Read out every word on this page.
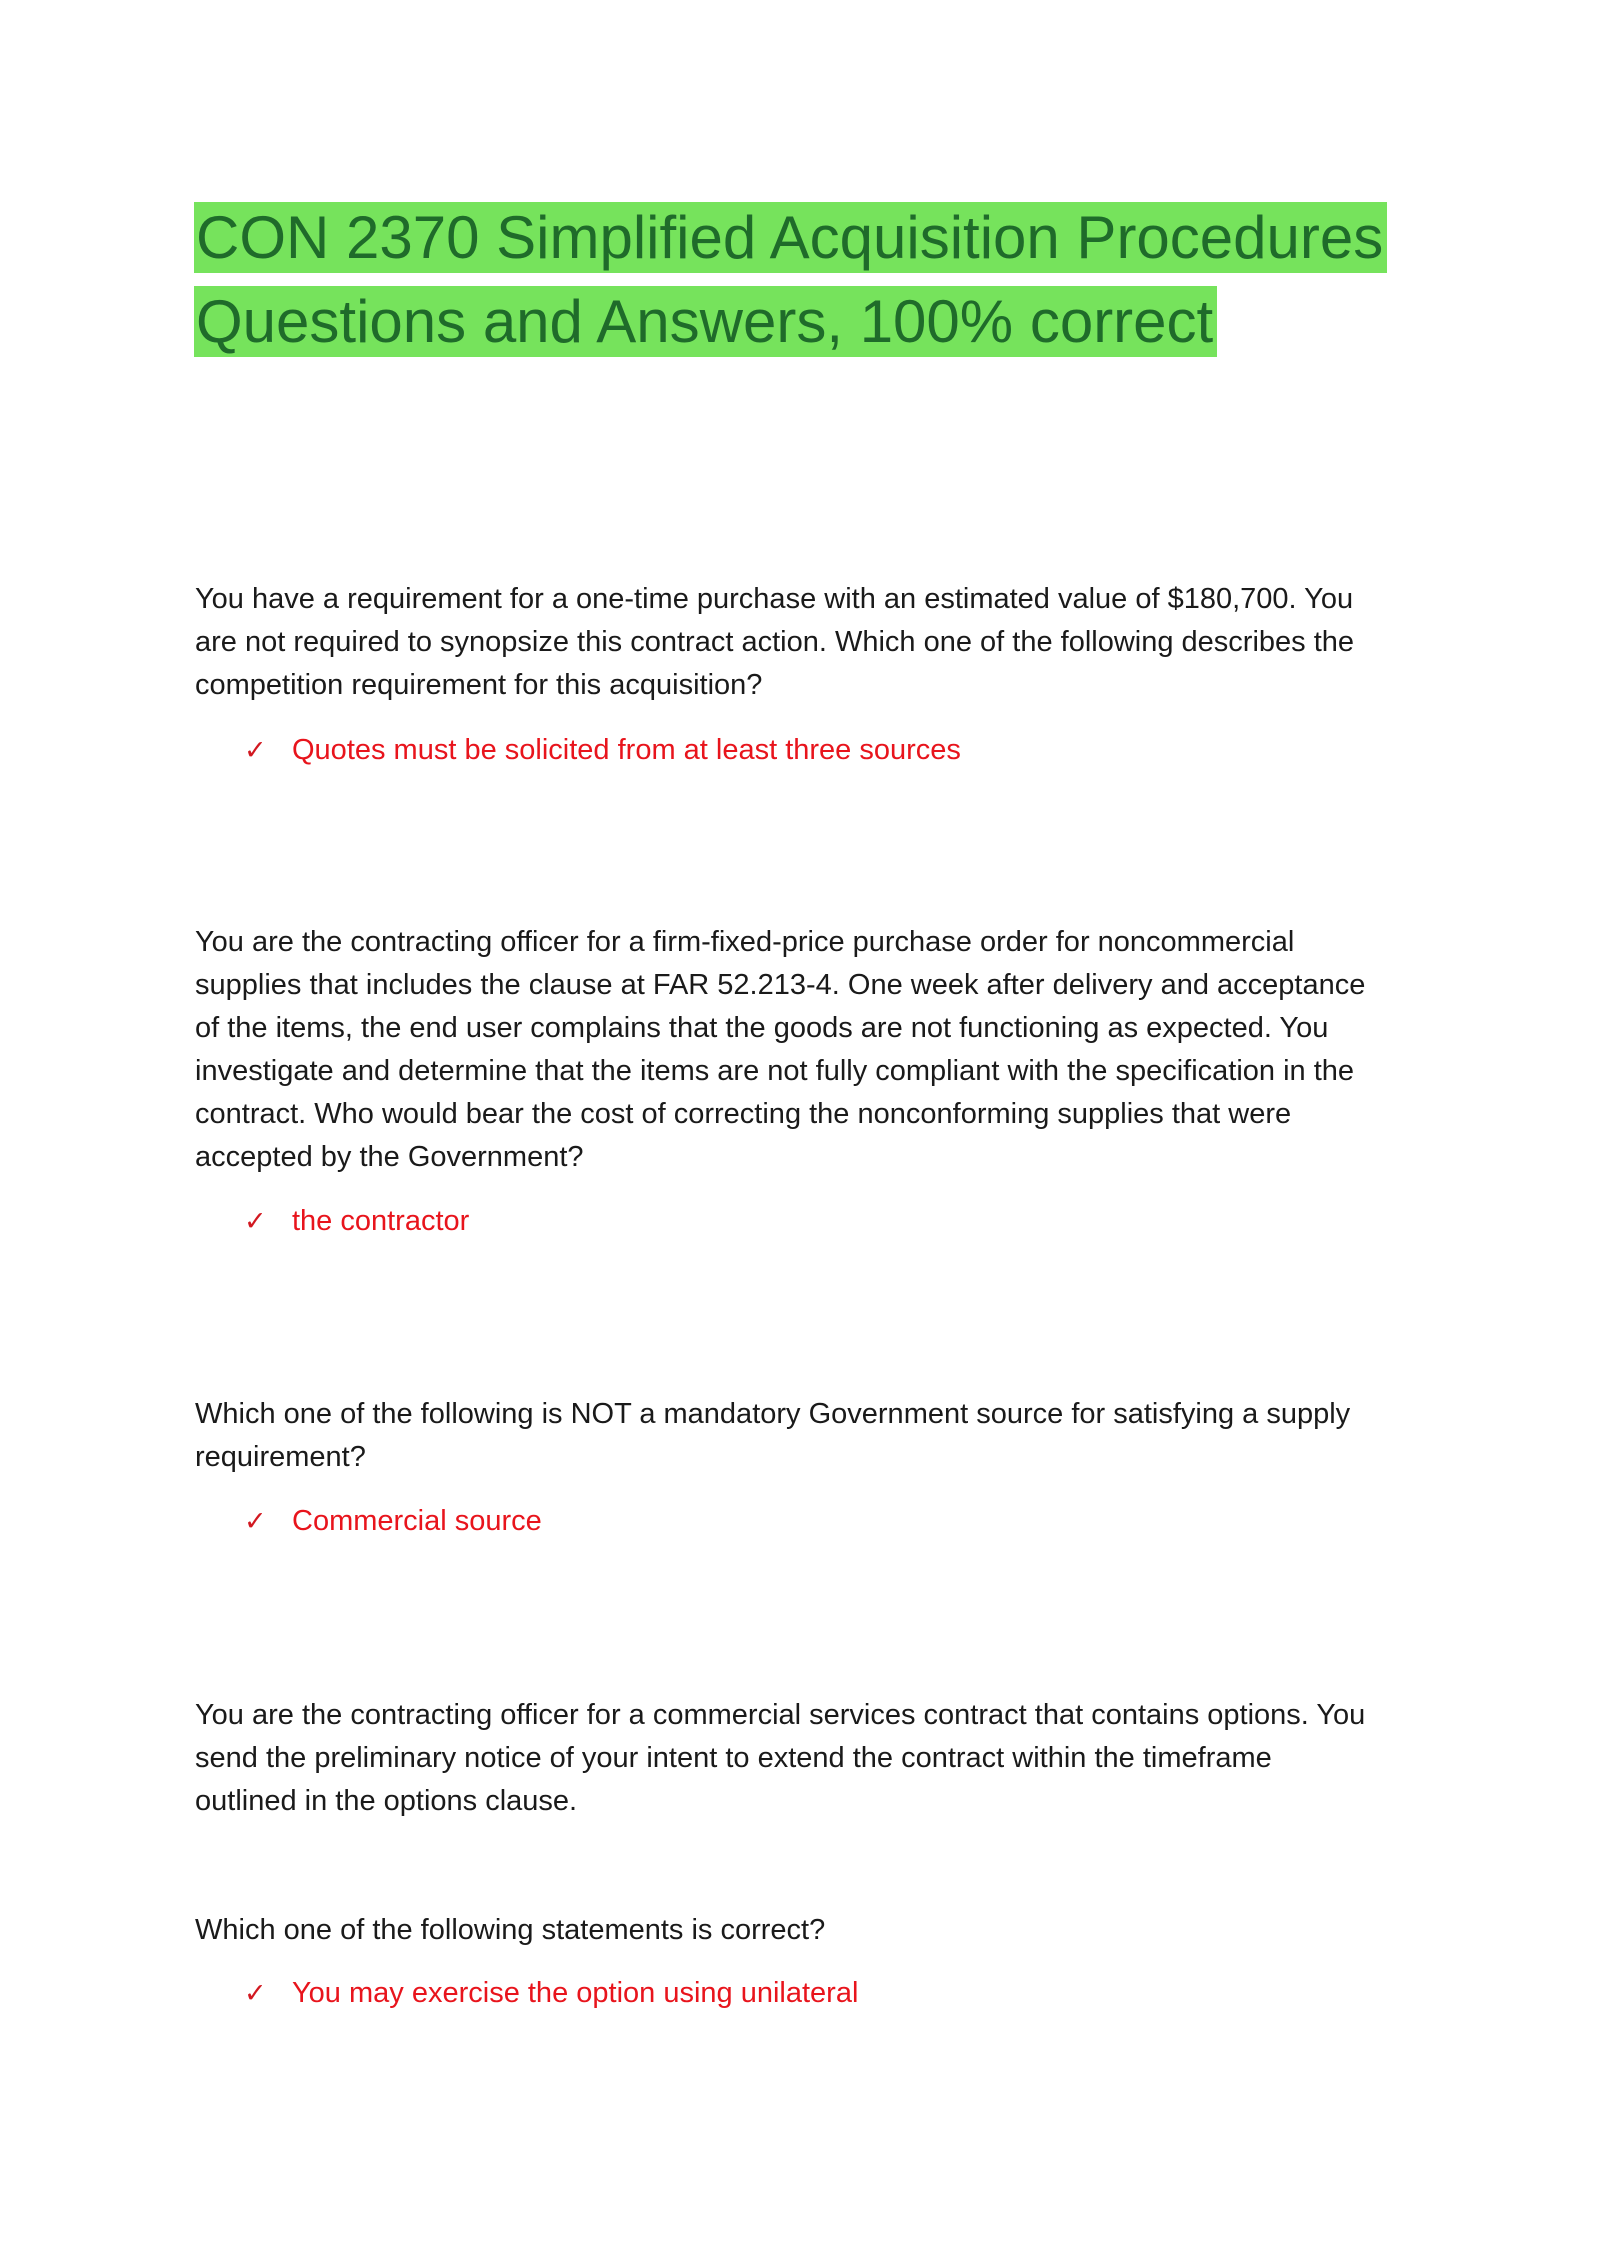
CON 2370 Simplified Acquisition Procedures
Questions and Answers, 100% correct
You have a requirement for a one-time purchase with an estimated value of $180,700. You
are not required to synopsize this contract action. Which one of the following describes the
competition requirement for this acquisition?
✓ Quotes must be solicited from at least three sources
You are the contracting officer for a firm-fixed-price purchase order for noncommercial
supplies that includes the clause at FAR 52.213-4. One week after delivery and acceptance
of the items, the end user complains that the goods are not functioning as expected. You
investigate and determine that the items are not fully compliant with the specification in the
contract. Who would bear the cost of correcting the nonconforming supplies that were
accepted by the Government?
✓ the contractor
Which one of the following is NOT a mandatory Government source for satisfying a supply
requirement?
✓ Commercial source
You are the contracting officer for a commercial services contract that contains options. You
send the preliminary notice of your intent to extend the contract within the timeframe
outlined in the options clause.
Which one of the following statements is correct?
✓ You may exercise the option using unilateral
